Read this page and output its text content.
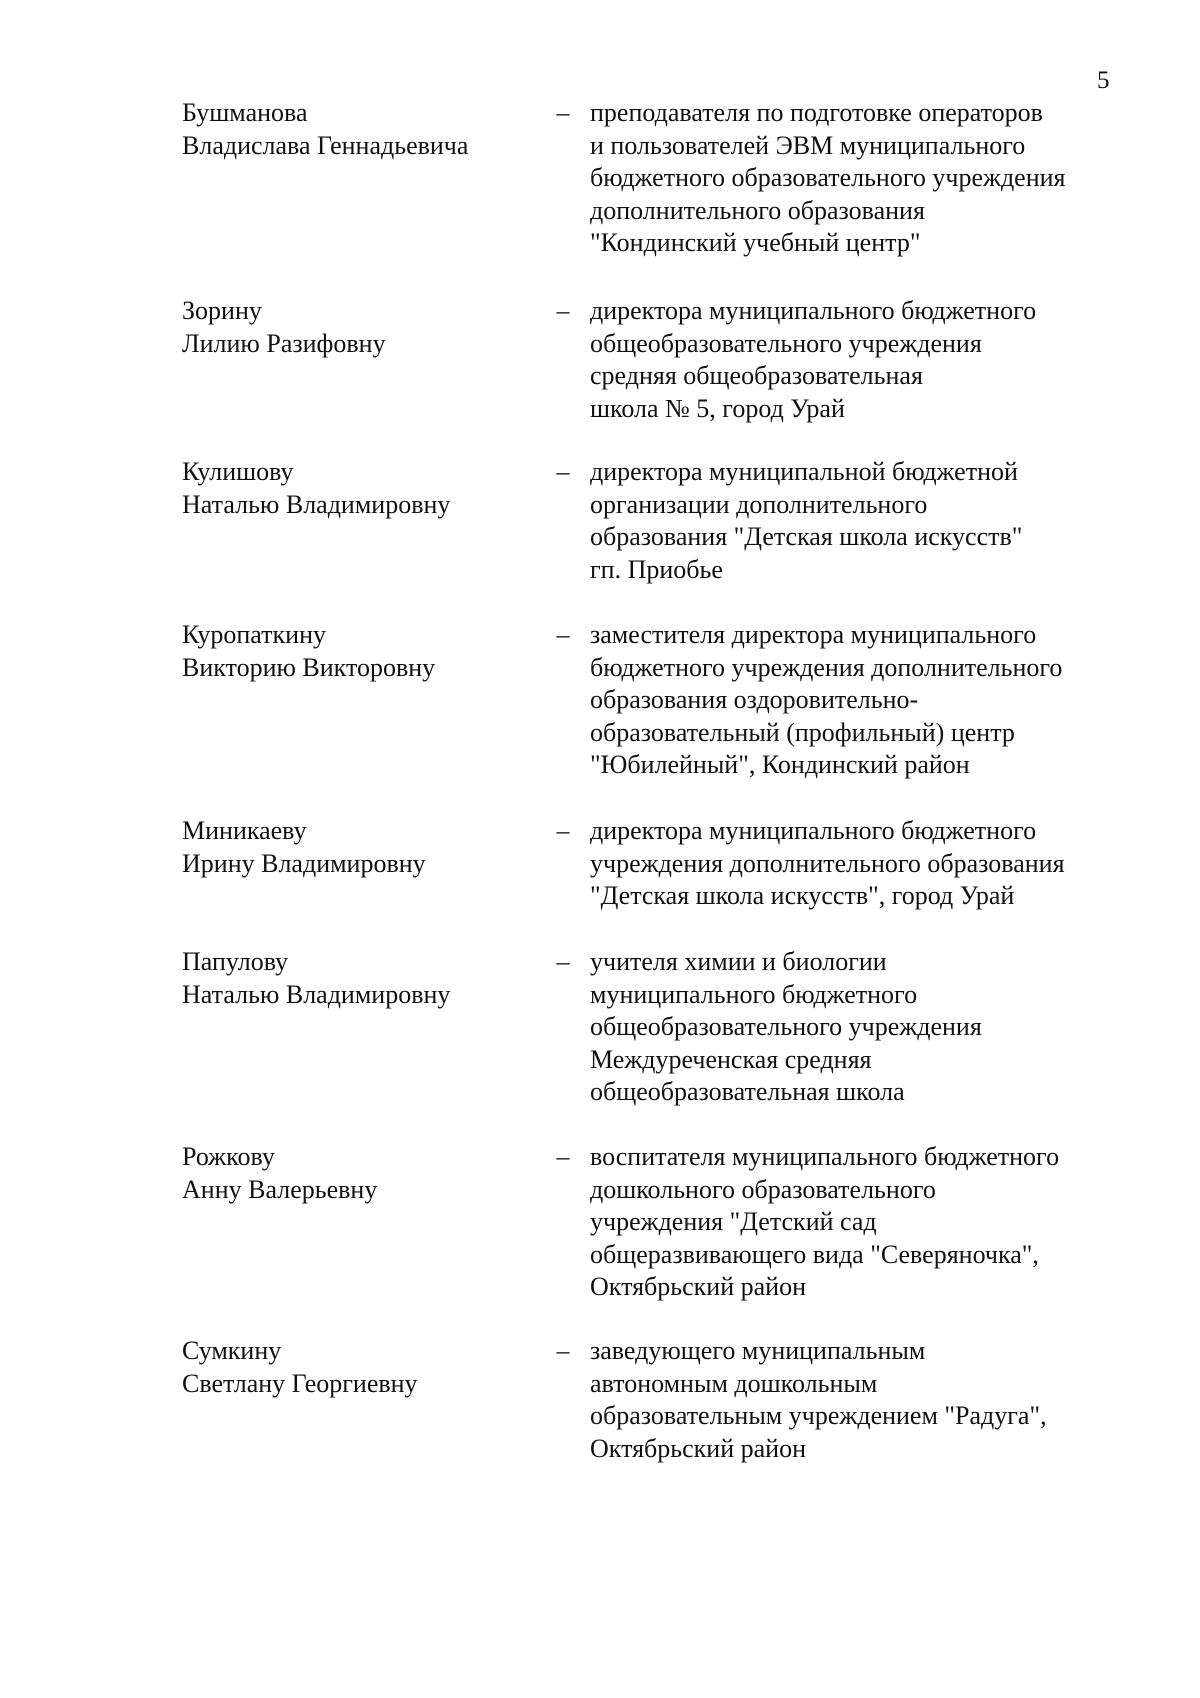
5
Бушманова
Владислава Геннадьевича
– преподавателя по подготовке операторов
и пользователей ЭВМ муниципального
бюджетного образовательного учреждения
дополнительного образования
"Кондинский учебный центр"
Зорину
Лилию Разифовну
– директора муниципального бюджетного
общеобразовательного учреждения
средняя общеобразовательная
школа № 5, город Урай
Кулишову
Наталью Владимировну
– директора муниципальной бюджетной
организации дополнительного
образования "Детская школа искусств"
гп. Приобье
Куропаткину
Викторию Викторовну
– заместителя директора муниципального
бюджетного учреждения дополнительного
образования оздоровительно-
образовательный (профильный) центр
"Юбилейный", Кондинский район
Миникаеву
Ирину Владимировну
– директора муниципального бюджетного
учреждения дополнительного образования
"Детская школа искусств", город Урай
Папулову
Наталью Владимировну
– учителя химии и биологии
муниципального бюджетного
общеобразовательного учреждения
Междуреченская средняя
общеобразовательная школа
Рожкову
Анну Валерьевну
– воспитателя муниципального бюджетного
дошкольного образовательного
учреждения "Детский сад
общеразвивающего вида "Северяночка",
Октябрьский район
Сумкину
Светлану Георгиевну
– заведующего муниципальным
автономным дошкольным
образовательным учреждением "Радуга",
Октябрьский район
